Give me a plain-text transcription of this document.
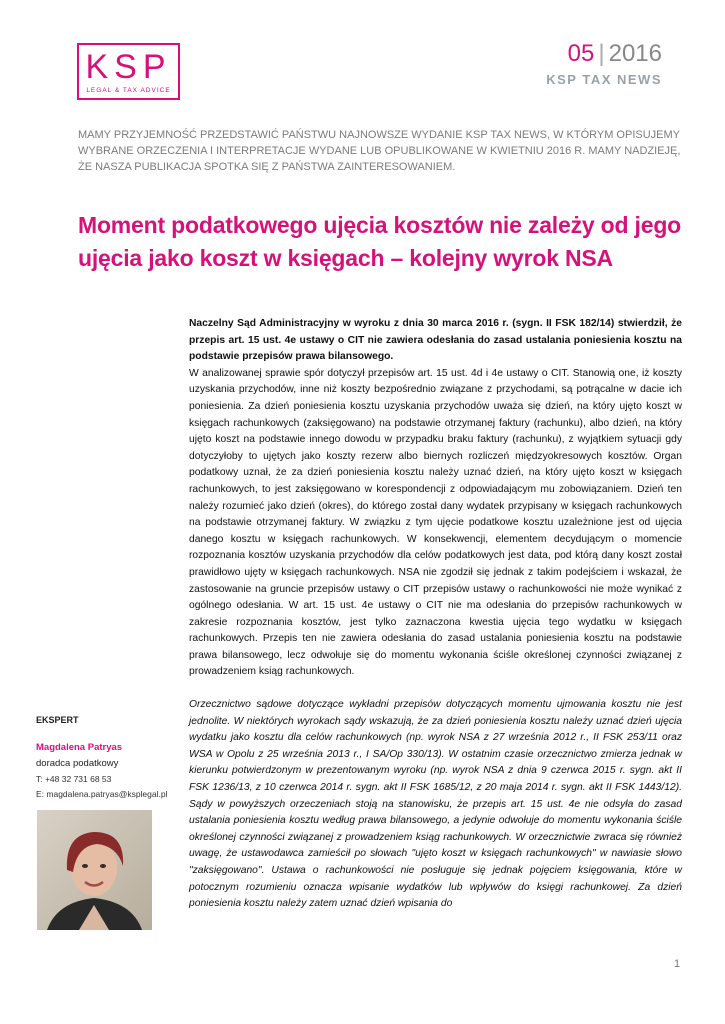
KSP
LEGAL & TAX ADVICE
05 | 2016
KSP TAX NEWS
MAMY PRZYJEMNOŚĆ PRZEDSTAWIĆ PAŃSTWU NAJNOWSZE WYDANIE KSP TAX NEWS, W KTÓRYM OPISUJEMY WYBRANE ORZECZENIA I INTERPRETACJE WYDANE LUB OPUBLIKOWANE W KWIETNIU 2016 R. MAMY NADZIEJĘ, ŻE NASZA PUBLIKACJA SPOTKA SIĘ Z PAŃSTWA ZAINTERESOWANIEM.
Moment podatkowego ujęcia kosztów nie zależy od jego ujęcia jako koszt w księgach – kolejny wyrok NSA

Naczelny Sąd Administracyjny w wyroku z dnia 30 marca 2016 r. (sygn. II FSK 182/14) stwierdził, że przepis art. 15 ust. 4e ustawy o CIT nie zawiera odesłania do zasad ustalania poniesienia kosztu na podstawie przepisów prawa bilansowego.

W analizowanej sprawie spór dotyczył przepisów art. 15 ust. 4d i 4e ustawy o CIT. Stanowią one, iż koszty uzyskania przychodów, inne niż koszty bezpośrednio związane z przychodami, są potrącalne w dacie ich poniesienia. Za dzień poniesienia kosztu uzyskania przychodów uważa się dzień, na który ujęto koszt w księgach rachunkowych (zaksięgowano) na podstawie otrzymanej faktury (rachunku), albo dzień, na który ujęto koszt na podstawie innego dowodu w przypadku braku faktury (rachunku), z wyjątkiem sytuacji gdy dotyczyłoby to ujętych jako koszty rezerw albo biernych rozliczeń międzyokresowych kosztów. Organ podatkowy uznał, że za dzień poniesienia kosztu należy uznać dzień, na który ujęto koszt w księgach rachunkowych, to jest zaksięgowano w korespondencji z odpowiadającym mu zobowiązaniem. Dzień ten należy rozumieć jako dzień (okres), do którego został dany wydatek przypisany w księgach rachunkowych na podstawie otrzymanej faktury. W związku z tym ujęcie podatkowe kosztu uzależnione jest od ujęcia danego kosztu w księgach rachunkowych. W konsekwencji, elementem decydującym o momencie rozpoznania kosztów uzyskania przychodów dla celów podatkowych jest data, pod którą dany koszt został prawidłowo ujęty w księgach rachunkowych. NSA nie zgodził się jednak z takim podejściem i wskazał, że zastosowanie na gruncie przepisów ustawy o CIT przepisów ustawy o rachunkowości nie może wynikać z ogólnego odesłania. W art. 15 ust. 4e ustawy o CIT nie ma odesłania do przepisów rachunkowych w zakresie rozpoznania kosztów, jest tylko zaznaczona kwestia ujęcia tego wydatku w księgach rachunkowych. Przepis ten nie zawiera odesłania do zasad ustalania poniesienia kosztu na podstawie prawa bilansowego, lecz odwołuje się do momentu wykonania ściśle określonej czynności związanej z prowadzeniem ksiąg rachunkowych.

Orzecznictwo sądowe dotyczące wykładni przepisów dotyczących momentu ujmowania kosztu nie jest jednolite. W niektórych wyrokach sądy wskazują, że za dzień poniesienia kosztu należy uznać dzień ujęcia wydatku jako kosztu dla celów rachunkowych (np. wyrok NSA z 27 września 2012 r., II FSK 253/11 oraz WSA w Opolu z 25 września 2013 r., I SA/Op 330/13). W ostatnim czasie orzecznictwo zmierza jednak w kierunku potwierdzonym w prezentowanym wyroku (np. wyrok NSA z dnia 9 czerwca 2015 r. sygn. akt II FSK 1236/13, z 10 czerwca 2014 r. sygn. akt II FSK 1685/12, z 20 maja 2014 r. sygn. akt II FSK 1443/12). Sądy w powyższych orzeczeniach stoją na stanowisku, że przepis art. 15 ust. 4e nie odsyła do zasad ustalania poniesienia kosztu według prawa bilansowego, a jedynie odwołuje do momentu wykonania ściśle określonej czynności związanej z prowadzeniem ksiąg rachunkowych. W orzecznictwie zwraca się również uwagę, że ustawodawca zamieścił po słowach "ujęto koszt w księgach rachunkowych" w nawiasie słowo "zaksięgowano". Ustawa o rachunkowości nie posługuje się jednak pojęciem księgowania, które w potocznym rozumieniu oznacza wpisanie wydatków lub wpływów do księgi rachunkowej. Za dzień poniesienia kosztu należy zatem uznać dzień wpisania do

EKSPERT
Magdalena Patryas
doradca podatkowy
T: +48 32 731 68 53
E: magdalena.patryas@ksplegal.pl
1
